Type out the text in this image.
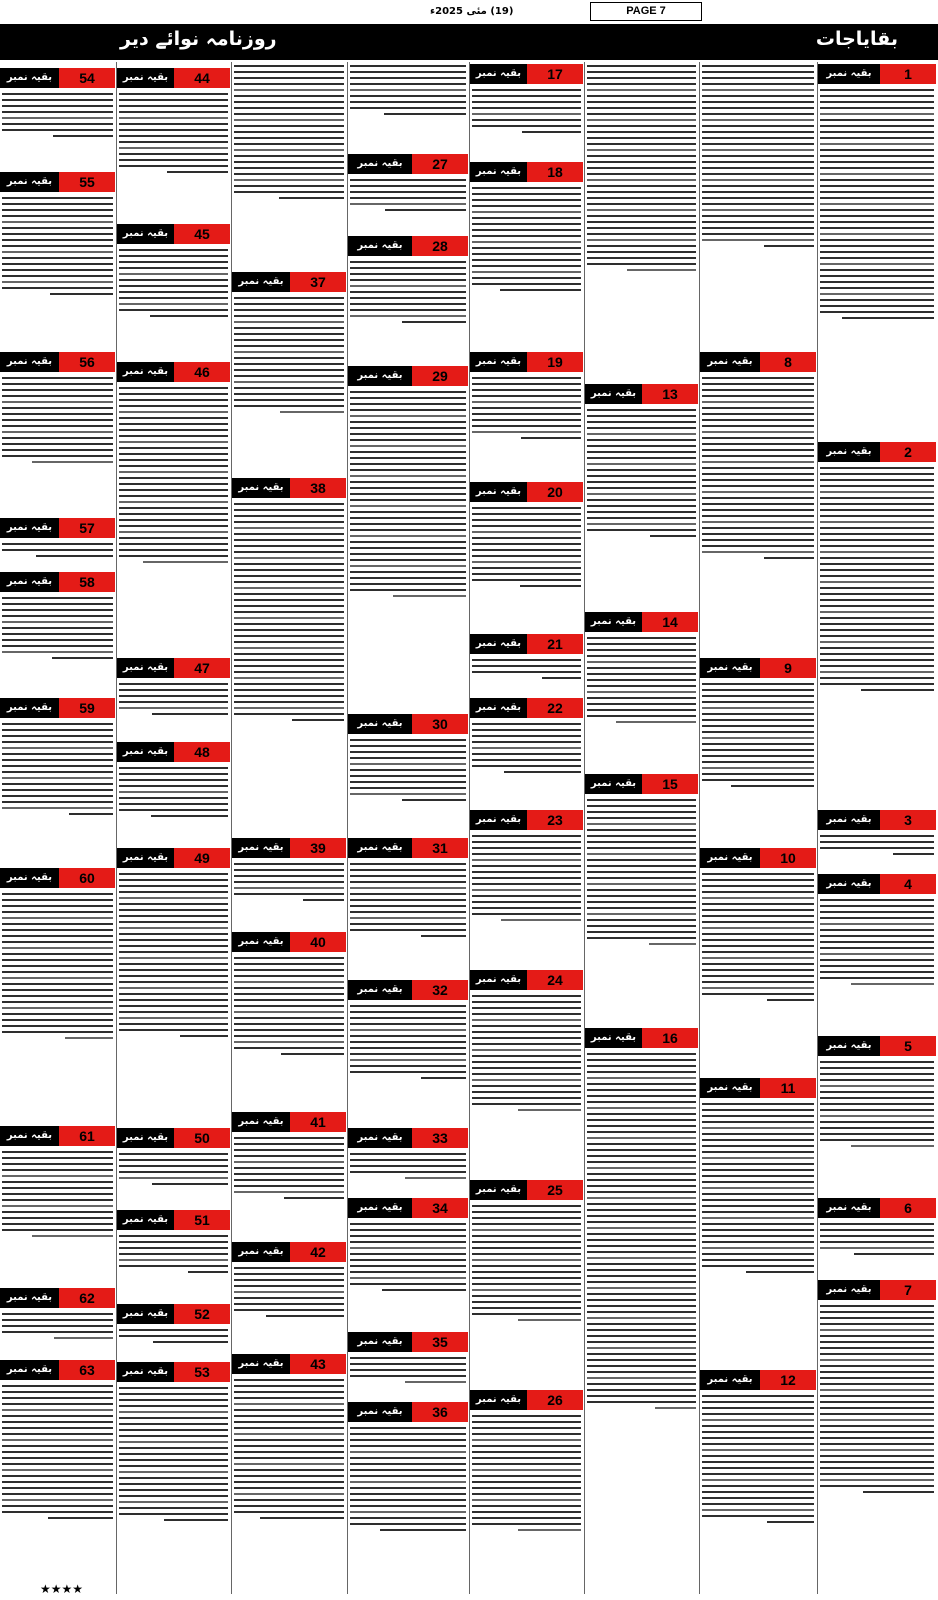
PAGE 7
(19) مئی 2025ء
بقایاجات
روزنامہ نوائے دیر
بقیہ نمبر	1
بقیہ نمبر	2
بقیہ نمبر	3
بقیہ نمبر	4
بقیہ نمبر	5
بقیہ نمبر	6
بقیہ نمبر	7
بقیہ نمبر	8
بقیہ نمبر	9
بقیہ نمبر	10
بقیہ نمبر	11
بقیہ نمبر	12
بقیہ نمبر	13
بقیہ نمبر	14
بقیہ نمبر	15
بقیہ نمبر	16
بقیہ نمبر	17
بقیہ نمبر	18
بقیہ نمبر	19
بقیہ نمبر	20
بقیہ نمبر	21
بقیہ نمبر	22
بقیہ نمبر	23
بقیہ نمبر	24
بقیہ نمبر	25
بقیہ نمبر	26
بقیہ نمبر	27
بقیہ نمبر	28
بقیہ نمبر	29
بقیہ نمبر	30
بقیہ نمبر	31
بقیہ نمبر	32
بقیہ نمبر	33
بقیہ نمبر	34
بقیہ نمبر	35
بقیہ نمبر	36
بقیہ نمبر	37
بقیہ نمبر	38
بقیہ نمبر	39
بقیہ نمبر	40
بقیہ نمبر	41
بقیہ نمبر	42
بقیہ نمبر	43
بقیہ نمبر	44
بقیہ نمبر	45
بقیہ نمبر	46
بقیہ نمبر	47
بقیہ نمبر	48
بقیہ نمبر	49
بقیہ نمبر	50
بقیہ نمبر	51
بقیہ نمبر	52
بقیہ نمبر	53
بقیہ نمبر	54
بقیہ نمبر	55
بقیہ نمبر	56
بقیہ نمبر	57
بقیہ نمبر	58
بقیہ نمبر	59
بقیہ نمبر	60
بقیہ نمبر	61
بقیہ نمبر	62
بقیہ نمبر	63
★★★★
